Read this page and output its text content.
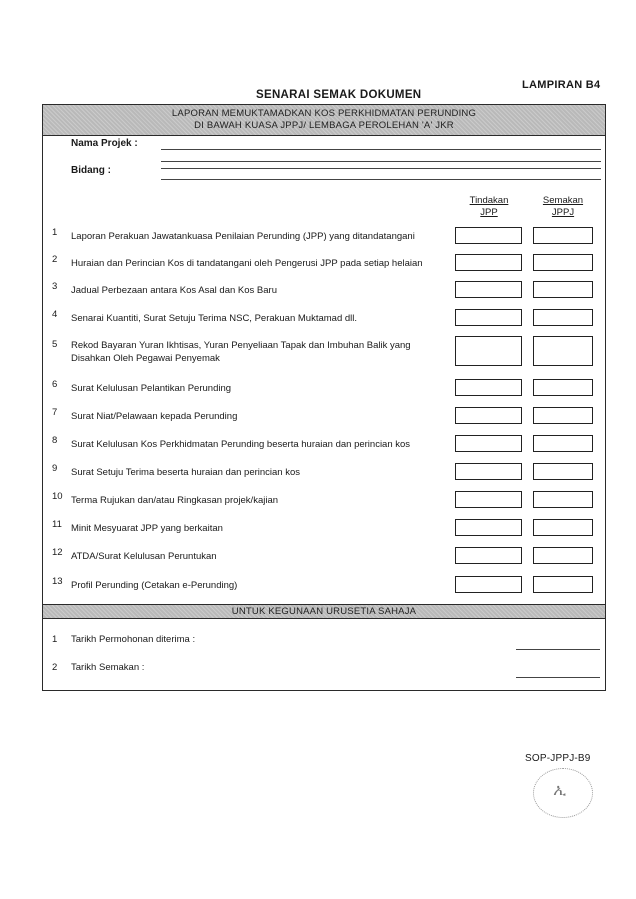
LAMPIRAN B4
SENARAI SEMAK DOKUMEN
LAPORAN MEMUKTAMADKAN KOS PERKHIDMATAN PERUNDING
DI BAWAH KUASA JPPJ/ LEMBAGA PEROLEHAN 'A' JKR
Nama Projek :
Bidang :
Tindakan
JPP
Semakan
JPPJ
1	Laporan Perakuan Jawatankuasa Penilaian Perunding (JPP) yang ditandatangani
2	Huraian dan Perincian Kos di tandatangani oleh Pengerusi JPP pada setiap helaian
3	Jadual Perbezaan antara Kos Asal dan Kos Baru
4	Senarai Kuantiti, Surat Setuju Terima NSC, Perakuan Muktamad dll.
5	Rekod Bayaran Yuran Ikhtisas, Yuran Penyeliaan Tapak dan Imbuhan Balik yang Disahkan Oleh Pegawai Penyemak
6	Surat Kelulusan Pelantikan Perunding
7	Surat Niat/Pelawaan kepada Perunding
8	Surat Kelulusan Kos Perkhidmatan Perunding beserta huraian dan perincian kos
9	Surat Setuju Terima beserta huraian dan perincian kos
10 Terma Rujukan dan/atau Ringkasan projek/kajian
11 Minit Mesyuarat JPP yang berkaitan
12 ATDA/Surat Kelulusan Peruntukan
13 Profil Perunding (Cetakan e-Perunding)
UNTUK KEGUNAAN URUSETIA SAHAJA
1 Tarikh Permohonan diterima :
2 Tarikh Semakan :
SOP-JPPJ-B9
ኢ
